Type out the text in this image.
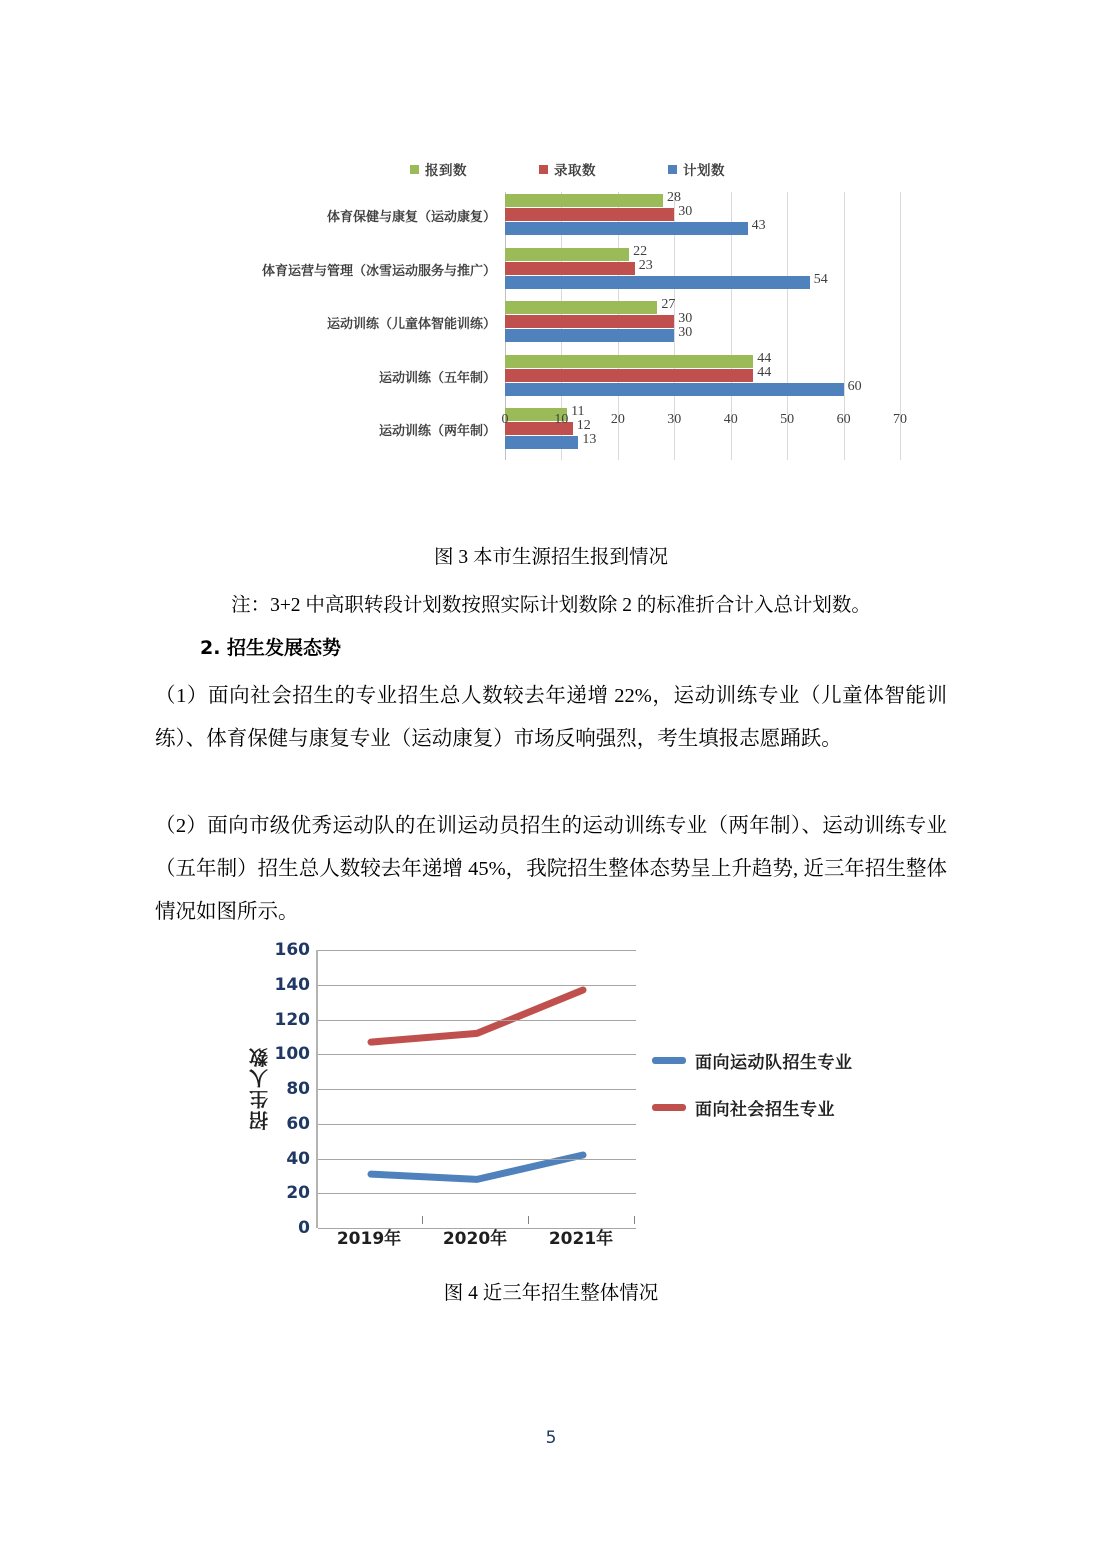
报到数	录取数	计划数
体育保健与康复（运动康复）
体育运营与管理（冰雪运动服务与推广）
运动训练（儿童体智能训练）
运动训练（五年制）
运动训练（两年制）
28
30
43
22
23
54
27
30
30
44
44
60
11
12
13
0	10	20	30	40	50	60	70
图 3 本市生源招生报到情况
注：3+2 中高职转段计划数按照实际计划数除 2 的标准折合计入总计划数。
2. 招生发展态势
（1）面向社会招生的专业招生总人数较去年递增 22%，运动训练专业（儿童体智能训练）、体育保健与康复专业（运动康复）市场反响强烈，考生填报志愿踊跃。
（2）面向市级优秀运动队的在训运动员招生的运动训练专业（两年制）、运动训练专业（五年制）招生总人数较去年递增 45%，我院招生整体态势呈上升趋势, 近三年招生整体情况如图所示。
招生人数
0
20
40
60
80
100
120
140
160
面向运动队招生专业
面向社会招生专业
2019年 2020年 2021年
图 4 近三年招生整体情况
5
